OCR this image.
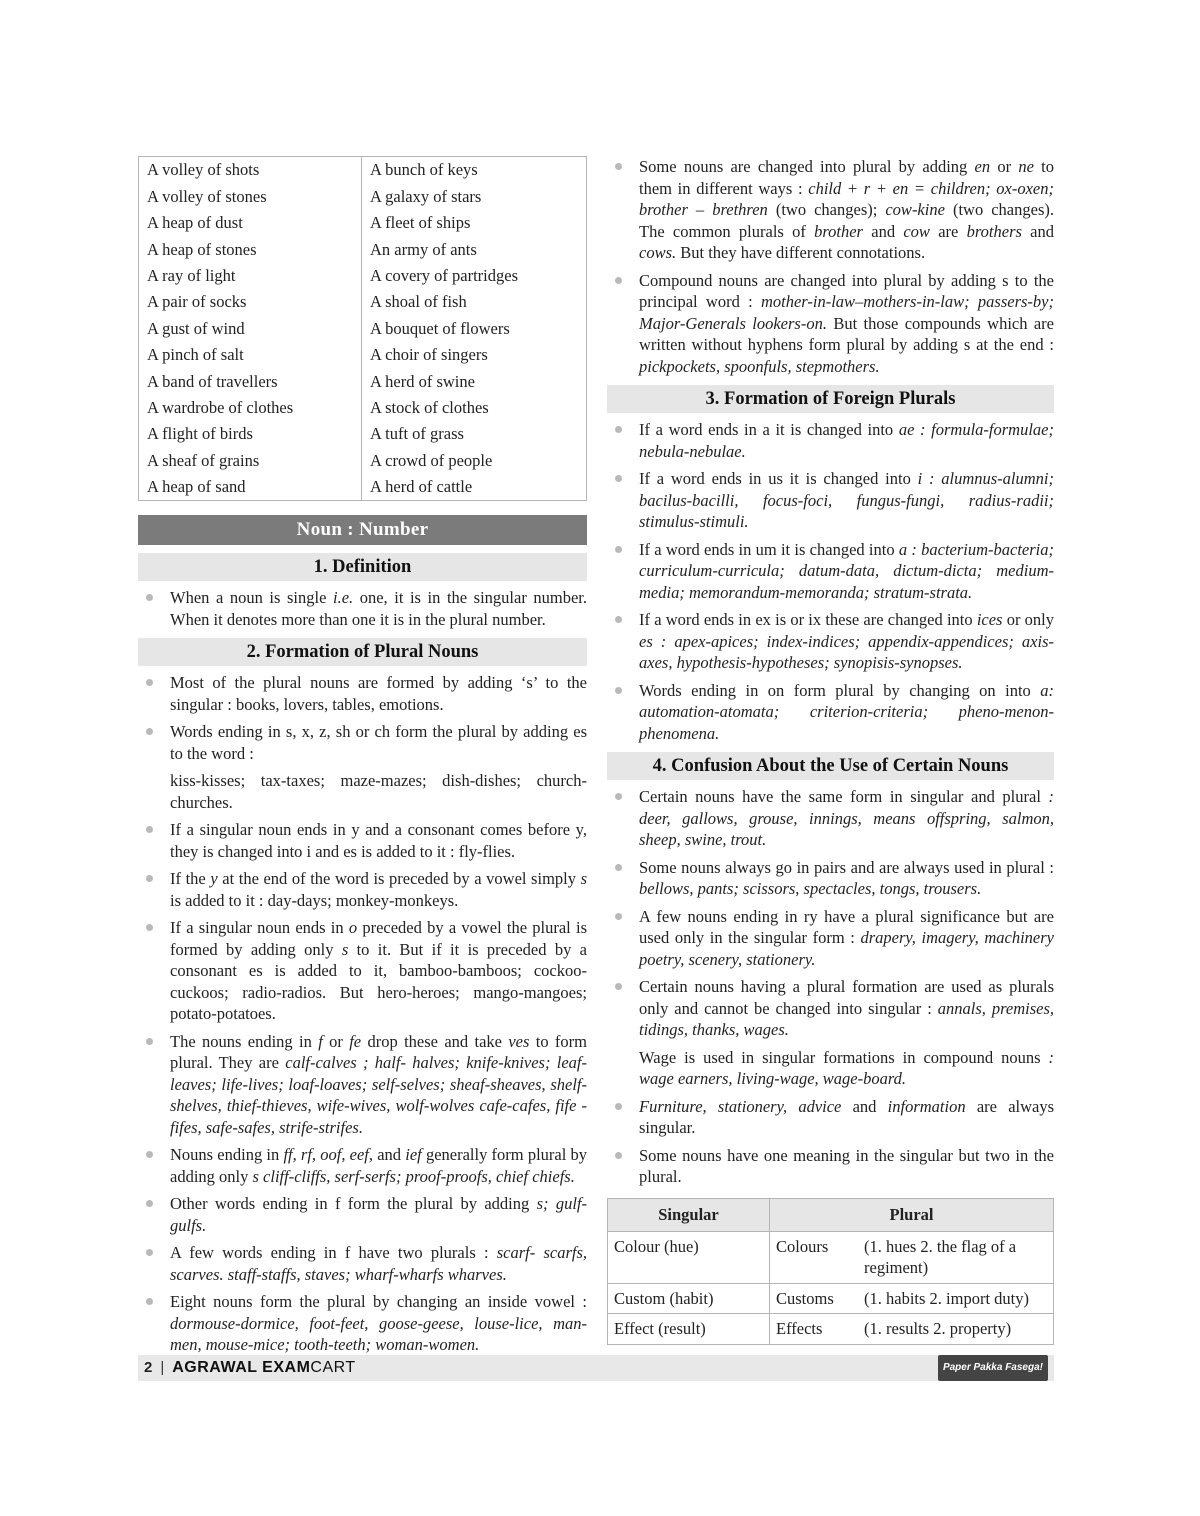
A volley of shots	A bunch of keys
A volley of stones	A galaxy of stars
A heap of dust	A fleet of ships
A heap of stones	An army of ants
A ray of light	A covery of partridges
A pair of socks	A shoal of fish
A gust of wind	A bouquet of flowers
A pinch of salt	A choir of singers
A band of travellers	A herd of swine
A wardrobe of clothes	A stock of clothes
A flight of birds	A tuft of grass
A sheaf of grains	A crowd of people
A heap of sand	A herd of cattle
Noun : Number
1. Definition
When a noun is single i.e. one, it is in the singular number. When it denotes more than one it is in the plural number.
2. Formation of Plural Nouns
Most of the plural nouns are formed by adding ‘s’ to the singular : books, lovers, tables, emotions.
Words ending in s, x, z, sh or ch form the plural by adding es to the word :

kiss-kisses; tax-taxes; maze-mazes; dish-dishes; church-churches.

If a singular noun ends in y and a consonant comes before y, they is changed into i and es is added to it : fly-flies.
If the y at the end of the word is preceded by a vowel simply s is added to it : day-days; monkey-monkeys.
If a singular noun ends in o preceded by a vowel the plural is formed by adding only s to it. But if it is preceded by a consonant es is added to it, bamboo-bamboos; cockoo-cuckoos; radio-radios. But hero-heroes; mango-mangoes; potato-potatoes.
The nouns ending in f or fe drop these and take ves to form plural. They are calf-calves ; half- halves; knife-knives; leaf-leaves; life-lives; loaf-loaves; self-selves; sheaf-sheaves, shelf-shelves, thief-thieves, wife-wives, wolf-wolves cafe-cafes, fife -fifes, safe-safes, strife-strifes.
Nouns ending in ff, rf, oof, eef, and ief generally form plural by adding only s cliff-cliffs, serf-serfs; proof-proofs, chief chiefs.
Other words ending in f form the plural by adding s; gulf-gulfs.
A few words ending in f have two plurals : scarf- scarfs, scarves. staff-staffs, staves; wharf-wharfs wharves.
Eight nouns form the plural by changing an inside vowel : dormouse-dormice, foot-feet, goose-geese, louse-lice, man-men, mouse-mice; tooth-teeth; woman-women.
Some nouns are changed into plural by adding en or ne to them in different ways : child + r + en = children; ox-oxen; brother – brethren (two changes); cow-kine (two changes). The common plurals of brother and cow are brothers and cows. But they have different connotations.
Compound nouns are changed into plural by adding s to the principal word : mother-in-law–mothers-in-law; passers-by; Major-Generals lookers-on. But those compounds which are written without hyphens form plural by adding s at the end : pickpockets, spoonfuls, stepmothers.
3. Formation of Foreign Plurals
If a word ends in a it is changed into ae : formula-formulae; nebula-nebulae.
If a word ends in us it is changed into i : alumnus-alumni; bacilus-bacilli, focus-foci, fungus-fungi, radius-radii; stimulus-stimuli.
If a word ends in um it is changed into a : bacterium-bacteria; curriculum-curricula; datum-data, dictum-dicta; medium-media; memorandum-memoranda; stratum-strata.
If a word ends in ex is or ix these are changed into ices or only es : apex-apices; index-indices; appendix-appendices; axis-axes, hypothesis-hypotheses; synopisis-synopses.
Words ending in on form plural by changing on into a: automation-atomata; criterion-criteria; pheno-menon-phenomena.
4. Confusion About the Use of Certain Nouns
Certain nouns have the same form in singular and plural : deer, gallows, grouse, innings, means offspring, salmon, sheep, swine, trout.
Some nouns always go in pairs and are always used in plural : bellows, pants; scissors, spectacles, tongs, trousers.
A few nouns ending in ry have a plural significance but are used only in the singular form : drapery, imagery, machinery poetry, scenery, stationery.
Certain nouns having a plural formation are used as plurals only and cannot be changed into singular : annals, premises, tidings, thanks, wages.

Wage is used in singular formations in compound nouns : wage earners, living-wage, wage-board.

Furniture, stationery, advice and information are always singular.
Some nouns have one meaning in the singular but two in the plural.
Singular	Plural	
Colour (hue)	Colours	(1. hues 2. the flag of a regiment)
Custom (habit)	Customs	(1. habits 2. import duty)
Effect (result)	Effects	(1. results 2. property)
2 | AGRAWAL EXAMCART	Paper Pakka Fasega!
